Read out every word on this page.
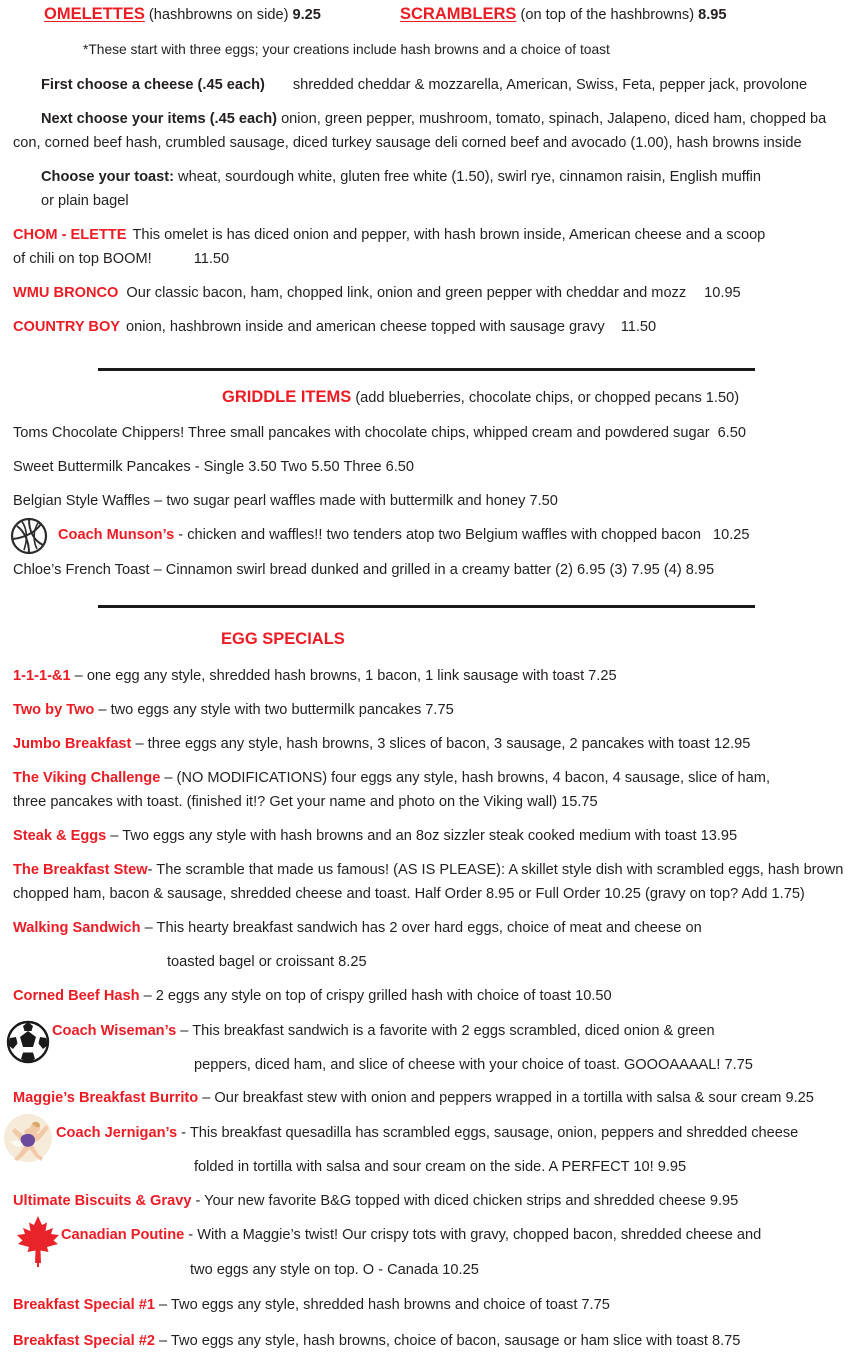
OMELETTES (hashbrowns on side) 9.25	SCRAMBLERS (on top of the hashbrowns) 8.95
*These start with three eggs; your creations include hash browns and a choice of toast
First choose a cheese (.45 each) shredded cheddar & mozzarella, American, Swiss, Feta, pepper jack, provolone
Next choose your items (.45 each) onion, green pepper, mushroom, tomato, spinach, Jalapeno, diced ham, chopped ba
con, corned beef hash, crumbled sausage, diced turkey sausage deli corned beef and avocado (1.00), hash browns inside
Choose your toast: wheat, sourdough white, gluten free white (1.50), swirl rye, cinnamon raisin, English muffin
or plain bagel
CHOM - ELETTE This omelet is has diced onion and pepper, with hash brown inside, American cheese and a scoop
of chili on top BOOM!	11.50
WMU BRONCO Our classic bacon, ham, chopped link, onion and green pepper with cheddar and mozz 10.95
COUNTRY BOY onion, hashbrown inside and american cheese topped with sausage gravy 11.50
GRIDDLE ITEMS (add blueberries, chocolate chips, or chopped pecans 1.50)
Toms Chocolate Chippers! Three small pancakes with chocolate chips, whipped cream and powdered sugar 6.50
Sweet Buttermilk Pancakes - Single 3.50 Two 5.50 Three 6.50
Belgian Style Waffles – two sugar pearl waffles made with buttermilk and honey 7.50
Coach Munson’s - chicken and waffles!! two tenders atop two Belgium waffles with chopped bacon 10.25
Chloe’s French Toast – Cinnamon swirl bread dunked and grilled in a creamy batter (2) 6.95 (3) 7.95 (4) 8.95
EGG SPECIALS
1-1-1-&1 – one egg any style, shredded hash browns, 1 bacon, 1 link sausage with toast 7.25
Two by Two – two eggs any style with two buttermilk pancakes 7.75
Jumbo Breakfast – three eggs any style, hash browns, 3 slices of bacon, 3 sausage, 2 pancakes with toast 12.95
The Viking Challenge – (NO MODIFICATIONS) four eggs any style, hash browns, 4 bacon, 4 sausage, slice of ham,
three pancakes with toast. (finished it!? Get your name and photo on the Viking wall) 15.75
Steak & Eggs – Two eggs any style with hash browns and an 8oz sizzler steak cooked medium with toast 13.95
The Breakfast Stew- The scramble that made us famous! (AS IS PLEASE): A skillet style dish with scrambled eggs, hash brown
chopped ham, bacon & sausage, shredded cheese and toast. Half Order 8.95 or Full Order 10.25 (gravy on top? Add 1.75)
Walking Sandwich – This hearty breakfast sandwich has 2 over hard eggs, choice of meat and cheese on
toasted bagel or croissant 8.25
Corned Beef Hash – 2 eggs any style on top of crispy grilled hash with choice of toast 10.50
Coach Wiseman’s – This breakfast sandwich is a favorite with 2 eggs scrambled, diced onion & green
peppers, diced ham, and slice of cheese with your choice of toast. GOOOAAAAL! 7.75
Maggie’s Breakfast Burrito – Our breakfast stew with onion and peppers wrapped in a tortilla with salsa & sour cream 9.25
Coach Jernigan’s - This breakfast quesadilla has scrambled eggs, sausage, onion, peppers and shredded cheese
folded in tortilla with salsa and sour cream on the side. A PERFECT 10! 9.95
Ultimate Biscuits & Gravy - Your new favorite B&G topped with diced chicken strips and shredded cheese 9.95
Canadian Poutine - With a Maggie’s twist! Our crispy tots with gravy, chopped bacon, shredded cheese and
two eggs any style on top. O - Canada 10.25
Breakfast Special #1 – Two eggs any style, shredded hash browns and choice of toast 7.75
Breakfast Special #2 – Two eggs any style, hash browns, choice of bacon, sausage or ham slice with toast 8.75
